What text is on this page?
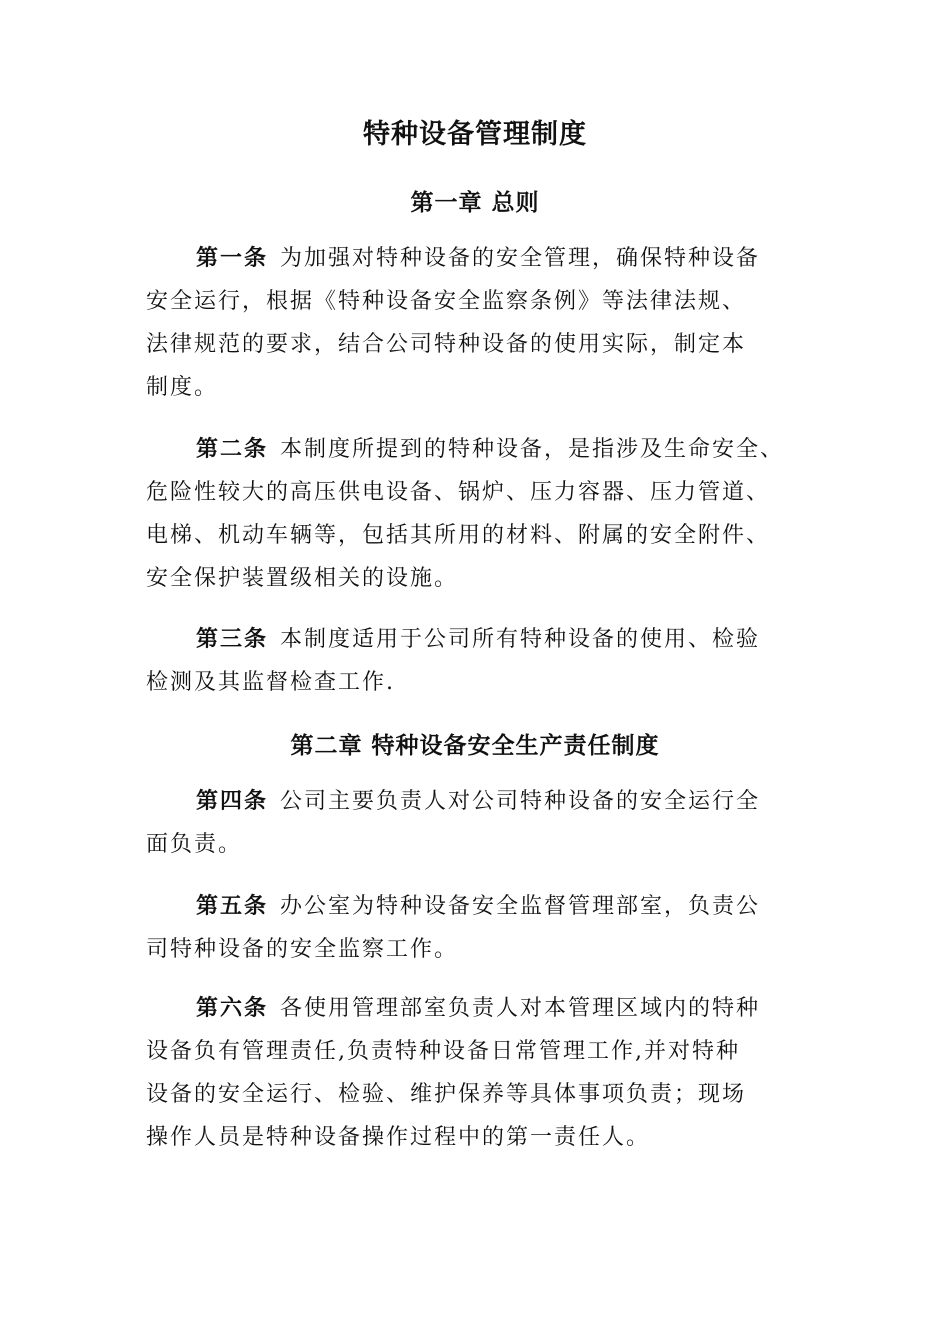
特种设备管理制度
第一章 总则
第一条 为加强对特种设备的安全管理，确保特种设备
安全运行，根据《特种设备安全监察条例》等法律法规、
法律规范的要求，结合公司特种设备的使用实际，制定本
制度。
第二条 本制度所提到的特种设备，是指涉及生命安全、
危险性较大的高压供电设备、锅炉、压力容器、压力管道、
电梯、机动车辆等，包括其所用的材料、附属的安全附件、
安全保护装置级相关的设施。
第三条 本制度适用于公司所有特种设备的使用、检验
检测及其监督检查工作.
第二章 特种设备安全生产责任制度
第四条 公司主要负责人对公司特种设备的安全运行全
面负责。
第五条 办公室为特种设备安全监督管理部室，负责公
司特种设备的安全监察工作。
第六条 各使用管理部室负责人对本管理区域内的特种
设备负有管理责任,负责特种设备日常管理工作,并对特种
设备的安全运行、检验、维护保养等具体事项负责；现场
操作人员是特种设备操作过程中的第一责任人。
